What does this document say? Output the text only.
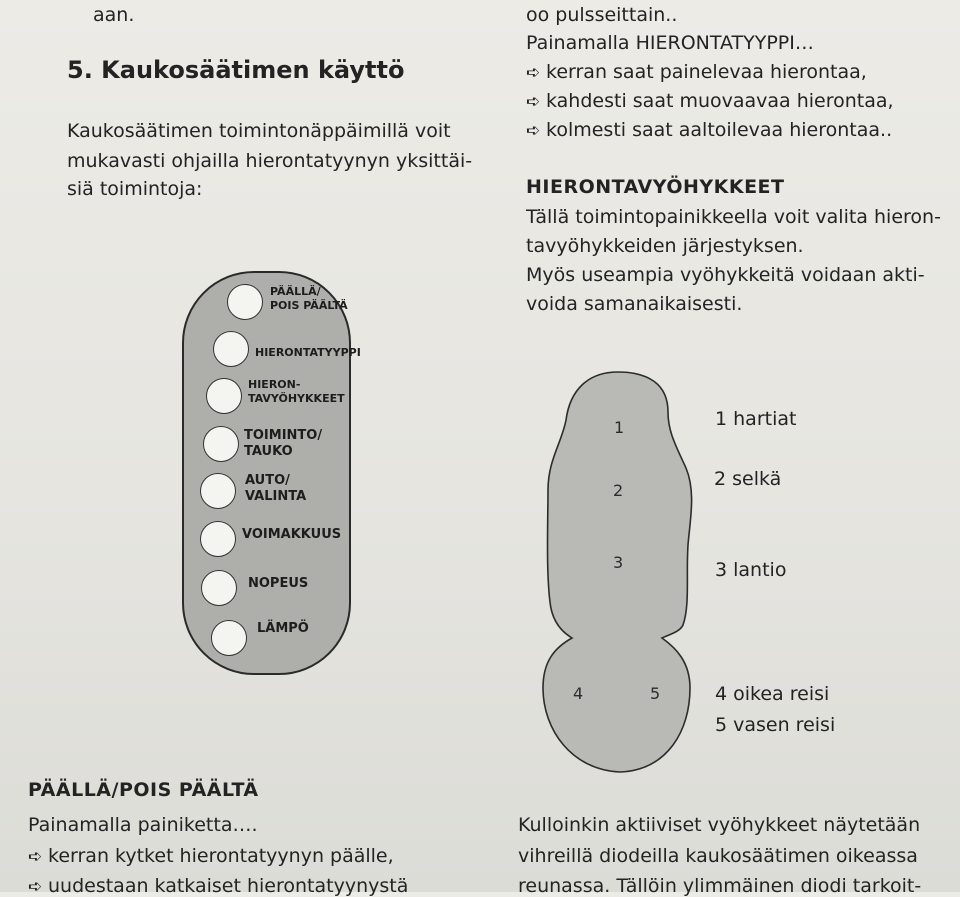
aan.
5. Kaukosäätimen käyttö
Kaukosäätimen toimintonäppäimillä voit
mukavasti ohjailla hierontatyynyn yksittäi-
siä toimintoja:
PÄÄLLÄ/
POIS PÄÄLTÄ
HIERONTATYYPPI
HIERON-
TAVYÖHYKKEET
TOIMINTO/
TAUKO
AUTO/
VALINTA
VOIMAKKUUS
NOPEUS
LÄMPÖ
PÄÄLLÄ/POIS PÄÄLTÄ
Painamalla painiketta….
➪ kerran kytket hierontatyynyn päälle,
➪ uudestaan katkaiset hierontatyynystä
oo pulsseittain..
Painamalla HIERONTATYYPPI…
➪ kerran saat painelevaa hierontaa,
➪ kahdesti saat muovaavaa hierontaa,
➪ kolmesti saat aaltoilevaa hierontaa..
HIERONTAVYÖHYKKEET
Tällä toimintopainikkeella voit valita hieron-
tavyöhykkeiden järjestyksen.
Myös useampia vyöhykkeitä voidaan akti-
voida samanaikaisesti.
1
2
3
4	5
1 hartiat
2 selkä
3 lantio
4 oikea reisi
5 vasen reisi
Kulloinkin aktiiviset vyöhykkeet näytetään
vihreillä diodeilla kaukosäätimen oikeassa
reunassa. Tällöin ylimmäinen diodi tarkoit-
